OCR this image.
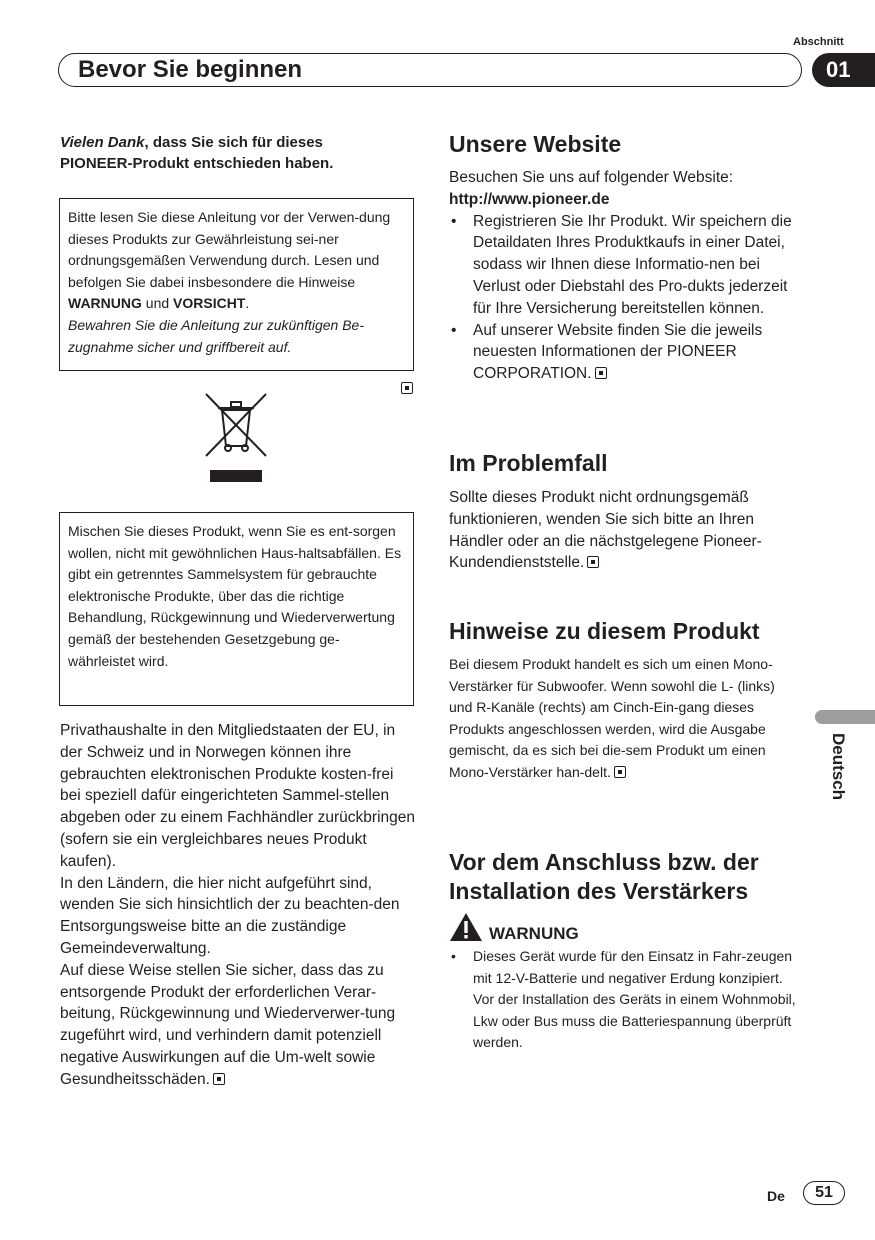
Abschnitt
Bevor Sie beginnen	01
Deutsch
Vielen Dank, dass Sie sich für dieses
PIONEER-Produkt entschieden haben.
Bitte lesen Sie diese Anleitung vor der Verwen-dung dieses Produkts zur Gewährleistung sei-ner ordnungsgemäßen Verwendung durch. Lesen und befolgen Sie dabei insbesondere die Hinweise WARNUNG und VORSICHT.
Bewahren Sie die Anleitung zur zukünftigen Be-zugnahme sicher und griffbereit auf.
Mischen Sie dieses Produkt, wenn Sie es ent-sorgen wollen, nicht mit gewöhnlichen Haus-haltsabfällen. Es gibt ein getrenntes Sammelsystem für gebrauchte elektronische Produkte, über das die richtige Behandlung, Rückgewinnung und Wiederverwertung gemäß der bestehenden Gesetzgebung ge-währleistet wird.
Privathaushalte in den Mitgliedstaaten der EU, in der Schweiz und in Norwegen können ihre gebrauchten elektronischen Produkte kosten-frei bei speziell dafür eingerichteten Sammel-stellen abgeben oder zu einem Fachhändler zurückbringen (sofern sie ein vergleichbares neues Produkt kaufen).
In den Ländern, die hier nicht aufgeführt sind, wenden Sie sich hinsichtlich der zu beachten-den Entsorgungsweise bitte an die zuständige Gemeindeverwaltung.
Auf diese Weise stellen Sie sicher, dass das zu entsorgende Produkt der erforderlichen Verar-beitung, Rückgewinnung und Wiederverwer-tung zugeführt wird, und verhindern damit potenziell negative Auswirkungen auf die Um-welt sowie Gesundheitsschäden.
Unsere Website
Besuchen Sie uns auf folgender Website:
http://www.pioneer.de
• Registrieren Sie Ihr Produkt. Wir speichern die Detaildaten Ihres Produktkaufs in einer Datei, sodass wir Ihnen diese Informatio-nen bei Verlust oder Diebstahl des Pro-dukts jederzeit für Ihre Versicherung bereitstellen können.
• Auf unserer Website finden Sie die jeweils neuesten Informationen der PIONEER CORPORATION.
Im Problemfall
Sollte dieses Produkt nicht ordnungsgemäß funktionieren, wenden Sie sich bitte an Ihren Händler oder an die nächstgelegene Pioneer-Kundendienststelle.
Hinweise zu diesem Produkt
Bei diesem Produkt handelt es sich um einen Mono-Verstärker für Subwoofer. Wenn sowohl die L- (links) und R-Kanäle (rechts) am Cinch-Ein-gang dieses Produkts angeschlossen werden, wird die Ausgabe gemischt, da es sich bei die-sem Produkt um einen Mono-Verstärker han-delt.
Vor dem Anschluss bzw. der
Installation des Verstärkers
WARNUNG
• Dieses Gerät wurde für den Einsatz in Fahr-zeugen mit 12-V-Batterie und negativer Erdung konzipiert. Vor der Installation des Geräts in einem Wohnmobil, Lkw oder Bus muss die Batteriespannung überprüft werden.
De	51
